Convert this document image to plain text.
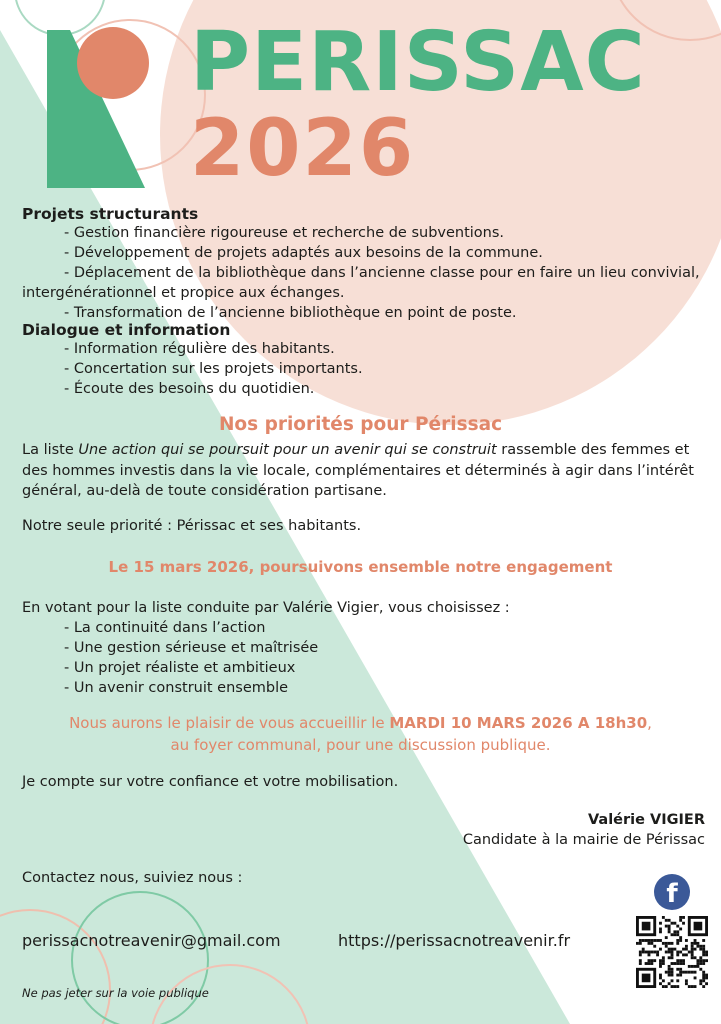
PERISSAC
2026
Projets structurants
- Gestion financière rigoureuse et recherche de subventions.
- Développement de projets adaptés aux besoins de la commune.
- Déplacement de la bibliothèque dans l’ancienne classe pour en faire un lieu convivial,
intergénérationnel et propice aux échanges.
- Transformation de l’ancienne bibliothèque en point de poste.
Dialogue et information
- Information régulière des habitants.
- Concertation sur les projets importants.
- Écoute des besoins du quotidien.
Nos priorités pour Périssac
La liste Une action qui se poursuit pour un avenir qui se construit rassemble des femmes et des hommes investis dans la vie locale, complémentaires et déterminés à agir dans l’intérêt général, au-delà de toute considération partisane.
Notre seule priorité : Périssac et ses habitants.
Le 15 mars 2026, poursuivons ensemble notre engagement
En votant pour la liste conduite par Valérie Vigier, vous choisissez :
- La continuité dans l’action
- Une gestion sérieuse et maîtrisée
- Un projet réaliste et ambitieux
- Un avenir construit ensemble
Nous aurons le plaisir de vous accueillir le MARDI 10 MARS 2026 A 18h30,
au foyer communal, pour une discussion publique.
Je compte sur votre confiance et votre mobilisation.
Valérie VIGIER
Candidate à la mairie de Périssac
Contactez nous, suiviez nous :
perissacnotreavenir@gmail.com	https://perissacnotreavenir.fr
f
Ne pas jeter sur la voie publique
